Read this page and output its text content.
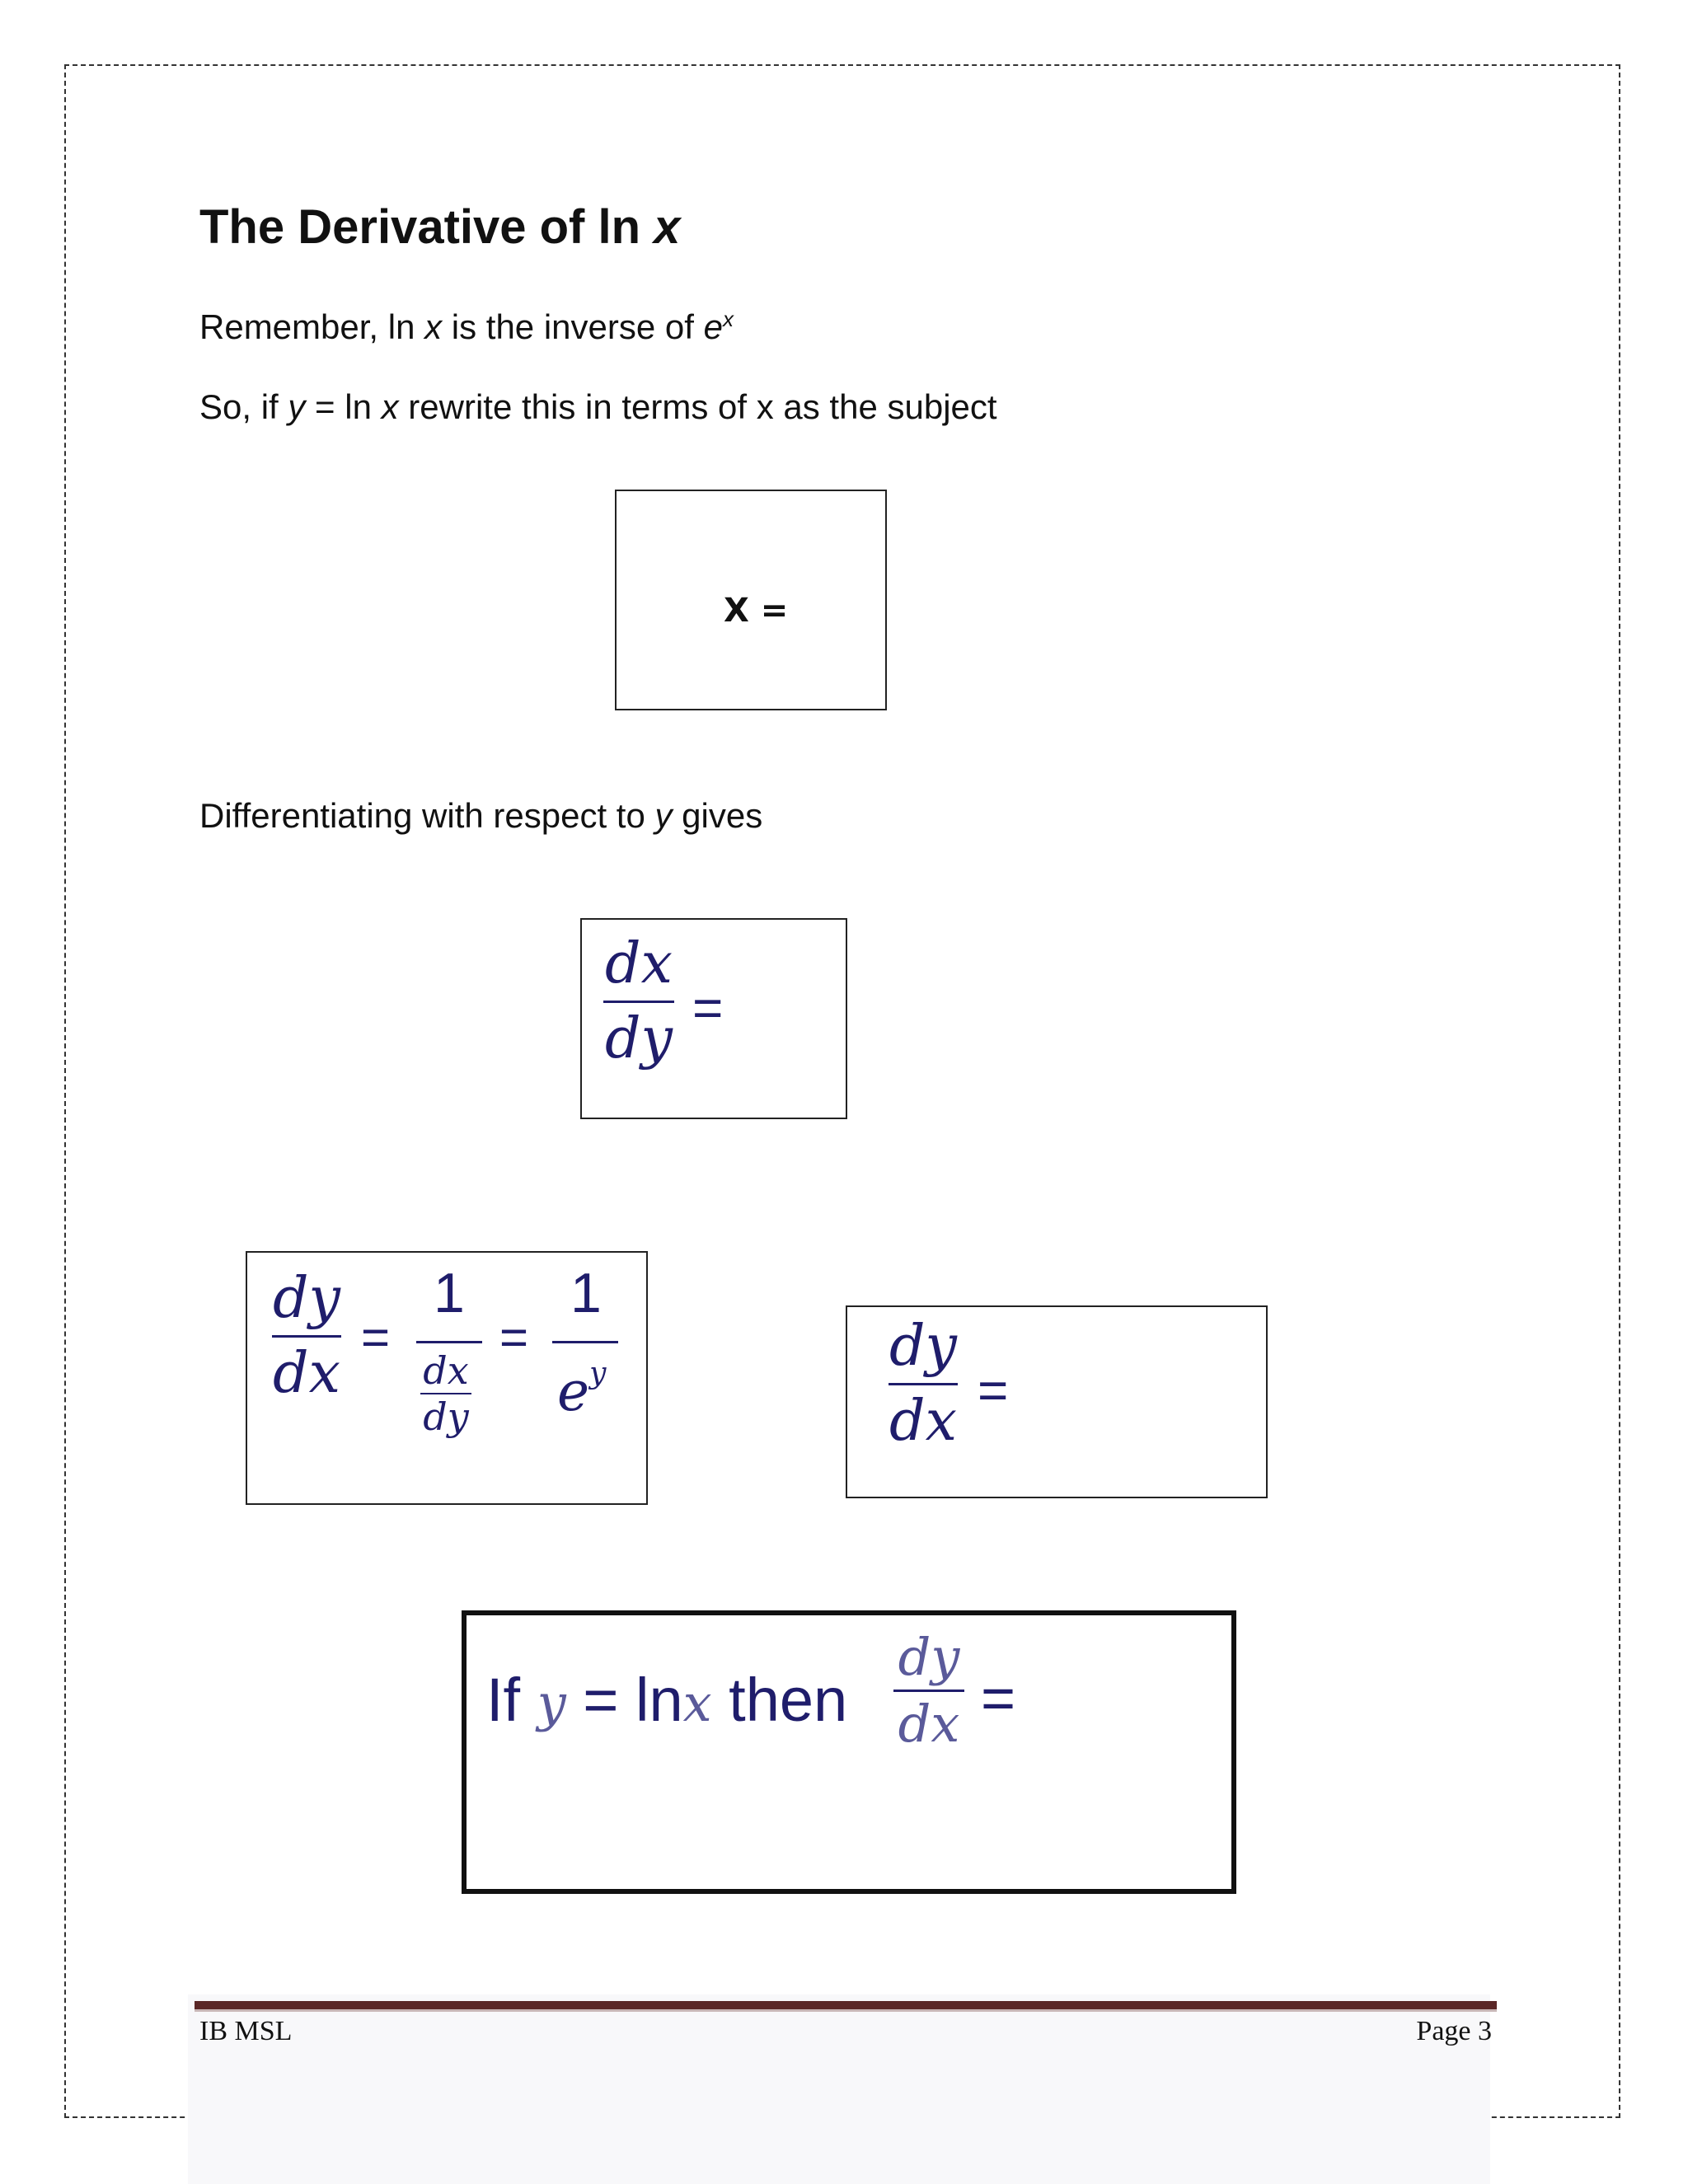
The Derivative of ln x
Remember, ln x is the inverse of $e^x$
So, if y = ln x rewrite this in terms of x as the subject
X =
Differentiating with respect to y gives
dx
dy =
dy
dx
=
1
dx
dy
=
1
e y	dy
dx =
If y = lnx then
dy
dx =
IB MSL	Page 3
